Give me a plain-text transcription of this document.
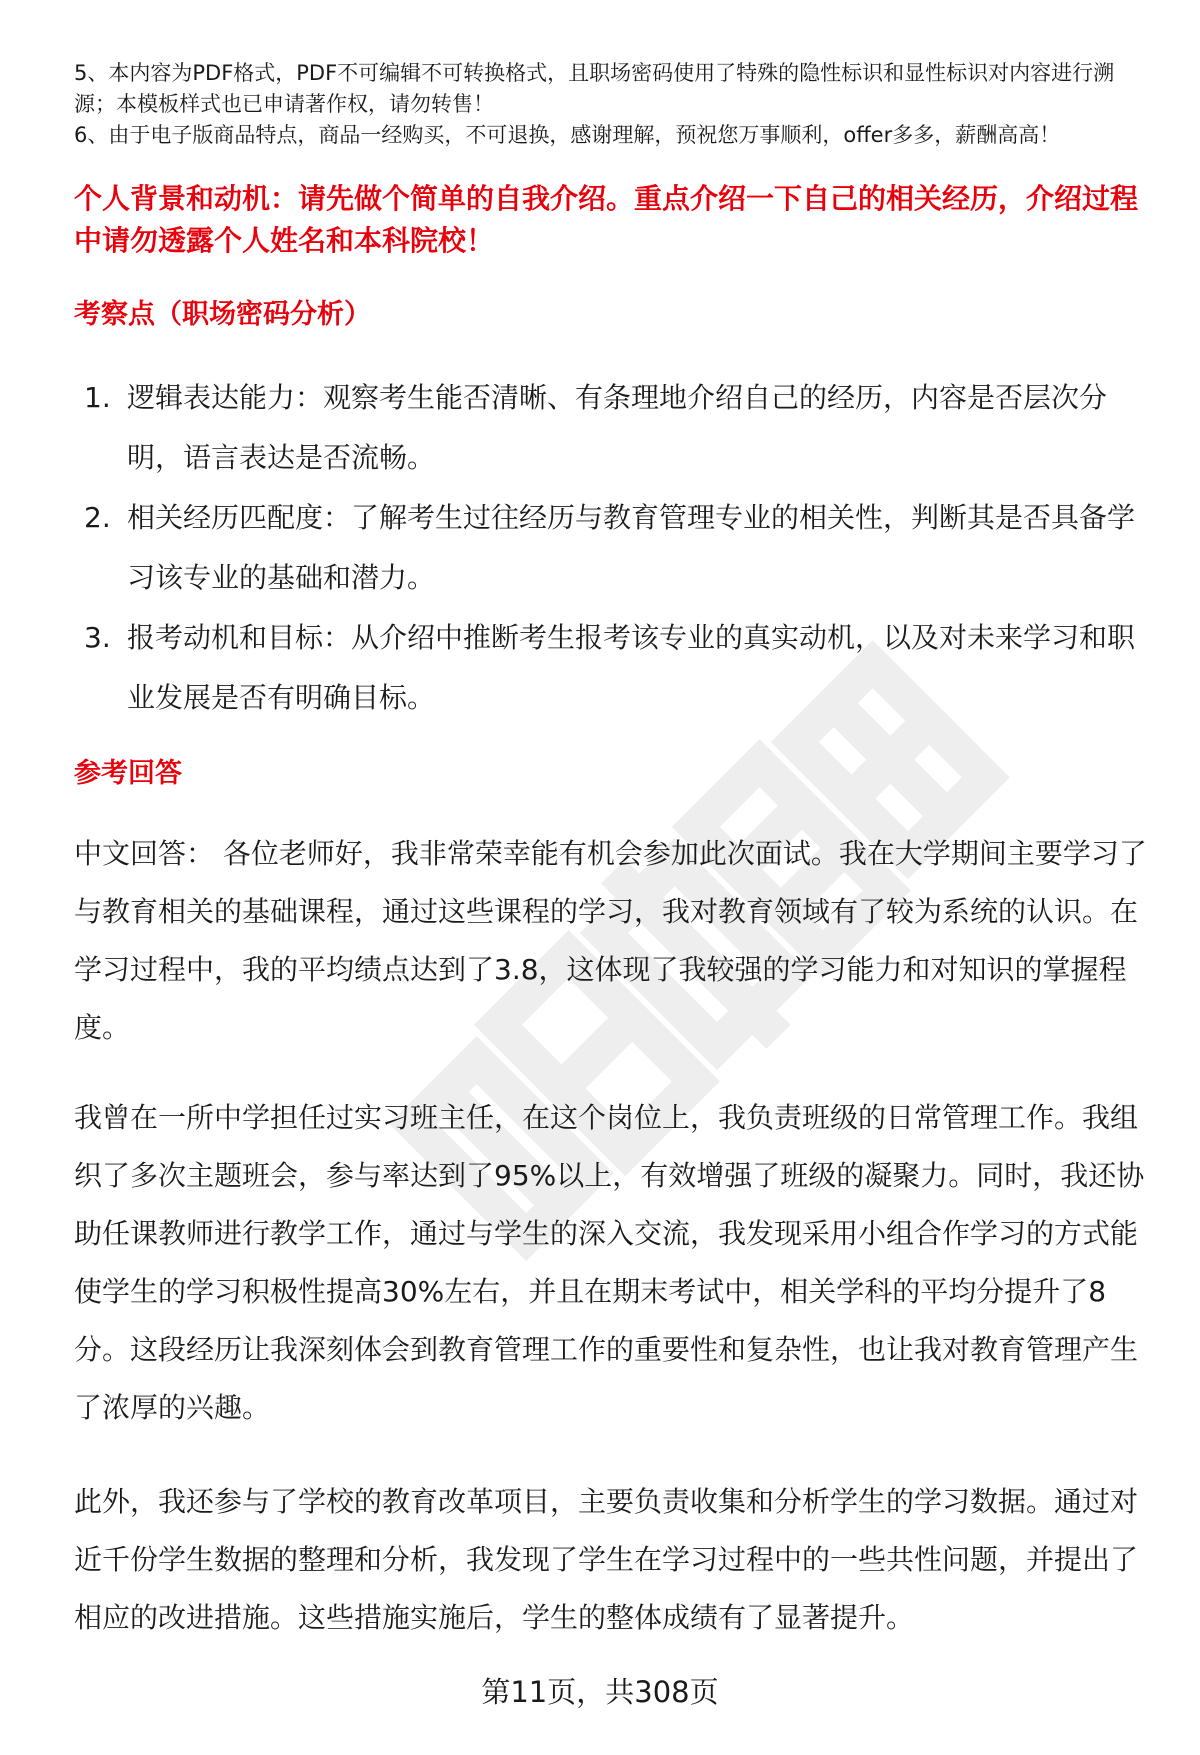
5、本内容为PDF格式，PDF不可编辑不可转换格式，且职场密码使用了特殊的隐性标识和显性标识对内容进行溯源；本模板样式也已申请著作权，请勿转售！

6、由于电子版商品特点，商品一经购买，不可退换，感谢理解，预祝您万事顺利，offer多多，薪酬高高！

个人背景和动机：请先做个简单的自我介绍。重点介绍一下自己的相关经历，介绍过程中请勿透露个人姓名和本科院校！

考察点（职场密码分析）
1. 逻辑表达能力：观察考生能否清晰、有条理地介绍自己的经历，内容是否层次分明，语言表达是否流畅。
2. 相关经历匹配度：了解考生过往经历与教育管理专业的相关性，判断其是否具备学习该专业的基础和潜力。
3. 报考动机和目标：从介绍中推断考生报考该专业的真实动机，以及对未来学习和职业发展是否有明确目标。
参考回答

中文回答： 各位老师好，我非常荣幸能有机会参加此次面试。我在大学期间主要学习了与教育相关的基础课程，通过这些课程的学习，我对教育领域有了较为系统的认识。在学习过程中，我的平均绩点达到了3.8，这体现了我较强的学习能力和对知识的掌握程度。

我曾在一所中学担任过实习班主任，在这个岗位上，我负责班级的日常管理工作。我组织了多次主题班会，参与率达到了95%以上，有效增强了班级的凝聚力。同时，我还协助任课教师进行教学工作，通过与学生的深入交流，我发现采用小组合作学习的方式能使学生的学习积极性提高30%左右，并且在期末考试中，相关学科的平均分提升了8分。这段经历让我深刻体会到教育管理工作的重要性和复杂性，也让我对教育管理产生了浓厚的兴趣。

此外，我还参与了学校的教育改革项目，主要负责收集和分析学生的学习数据。通过对近千份学生数据的整理和分析，我发现了学生在学习过程中的一些共性问题，并提出了相应的改进措施。这些措施实施后，学生的整体成绩有了显著提升。

第11页，共308页
